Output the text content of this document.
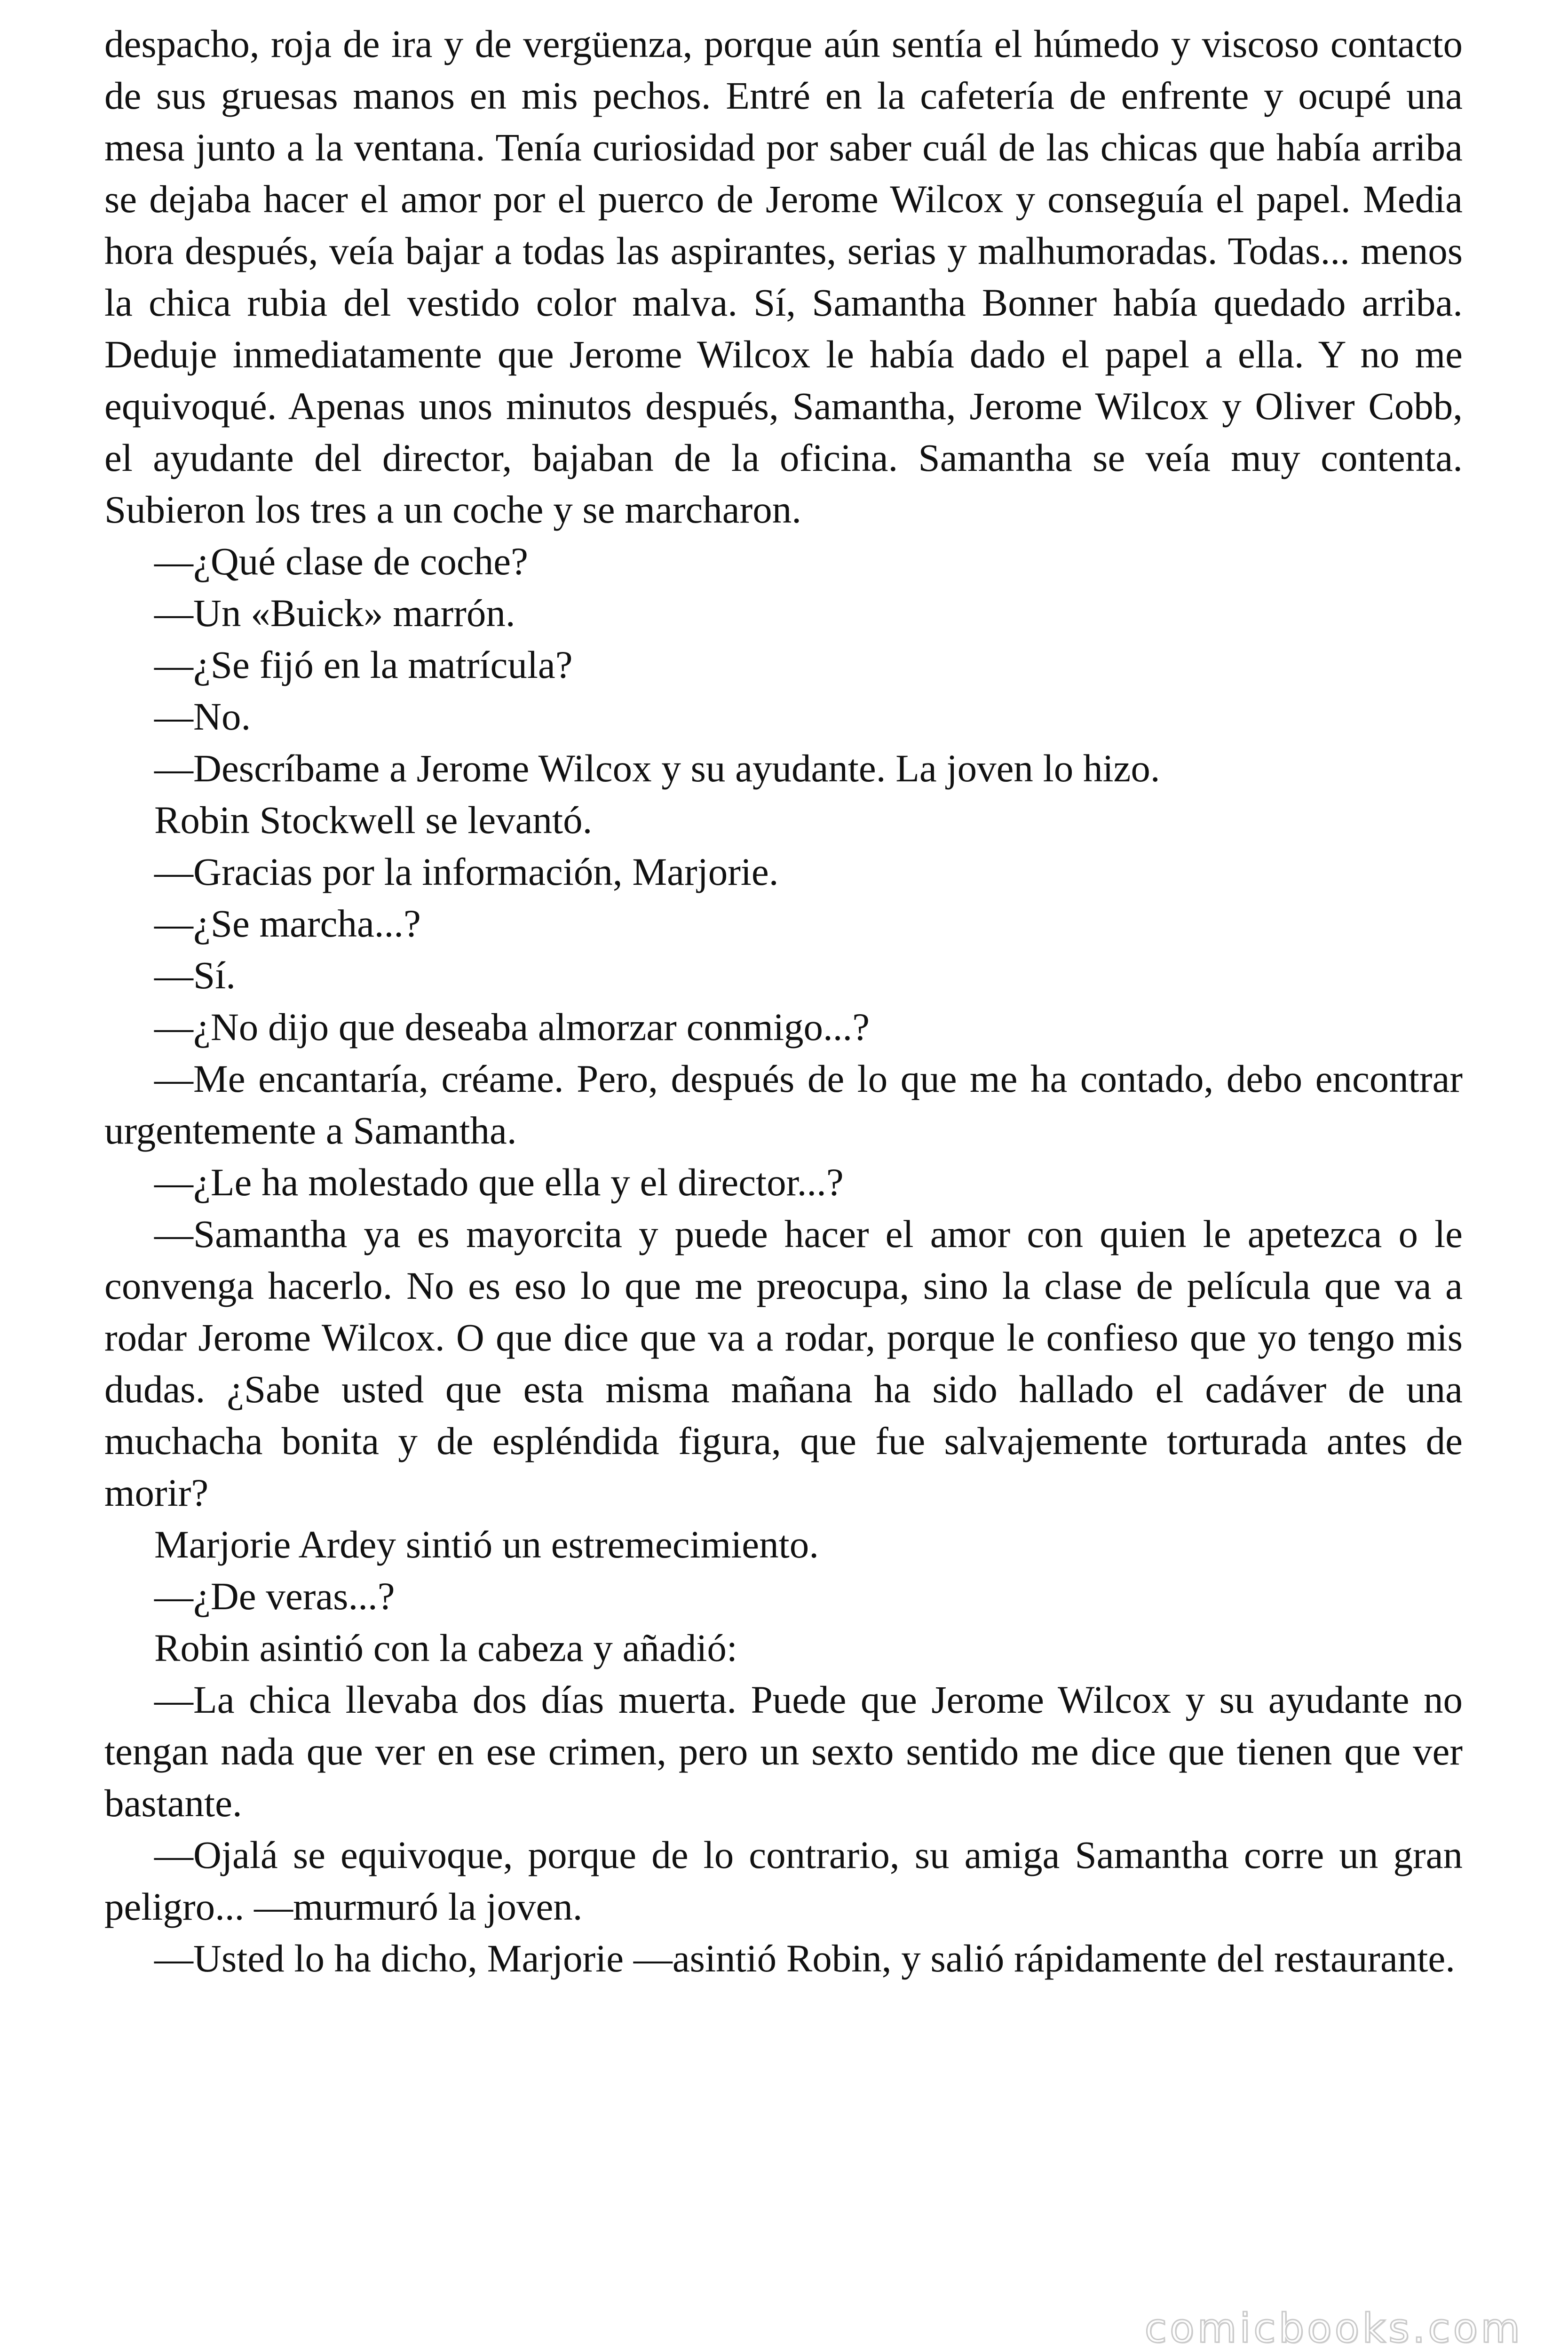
despacho, roja de ira y de vergüenza, porque aún sentía el húmedo y viscoso contacto de sus gruesas manos en mis pechos. Entré en la cafetería de enfrente y ocupé una mesa junto a la ventana. Tenía curiosidad por saber cuál de las chicas que había arriba se dejaba hacer el amor por el puerco de Jerome Wilcox y conseguía el papel. Media hora después, veía bajar a todas las aspirantes, serias y malhumoradas. Todas... menos la chica rubia del vestido color malva. Sí, Samantha Bonner había quedado arriba. Deduje inmediatamente que Jerome Wilcox le había dado el papel a ella. Y no me equivoqué. Apenas unos minutos después, Samantha, Jerome Wilcox y Oliver Cobb, el ayudante del director, bajaban de la oficina. Samantha se veía muy contenta. Subieron los tres a un coche y se marcharon.

—¿Qué clase de coche?

—Un «Buick» marrón.

—¿Se fijó en la matrícula?

—No.

—Descríbame a Jerome Wilcox y su ayudante. La joven lo hizo.

Robin Stockwell se levantó.

—Gracias por la información, Marjorie.

—¿Se marcha...?

—Sí.

—¿No dijo que deseaba almorzar conmigo...?

—Me encantaría, créame. Pero, después de lo que me ha contado, debo encontrar urgentemente a Samantha.

—¿Le ha molestado que ella y el director...?

—Samantha ya es mayorcita y puede hacer el amor con quien le apetezca o le convenga hacerlo. No es eso lo que me preocupa, sino la clase de película que va a rodar Jerome Wilcox. O que dice que va a rodar, porque le confieso que yo tengo mis dudas. ¿Sabe usted que esta misma mañana ha sido hallado el cadáver de una muchacha bonita y de espléndida figura, que fue salvajemente torturada antes de morir?

Marjorie Ardey sintió un estremecimiento.

—¿De veras...?

Robin asintió con la cabeza y añadió:

—La chica llevaba dos días muerta. Puede que Jerome Wilcox y su ayudante no tengan nada que ver en ese crimen, pero un sexto sentido me dice que tienen que ver bastante.

—Ojalá se equivoque, porque de lo contrario, su amiga Samantha corre un gran peligro... —murmuró la joven.

—Usted lo ha dicho, Marjorie —asintió Robin, y salió rápidamente del restaurante.

comicbooks.com
